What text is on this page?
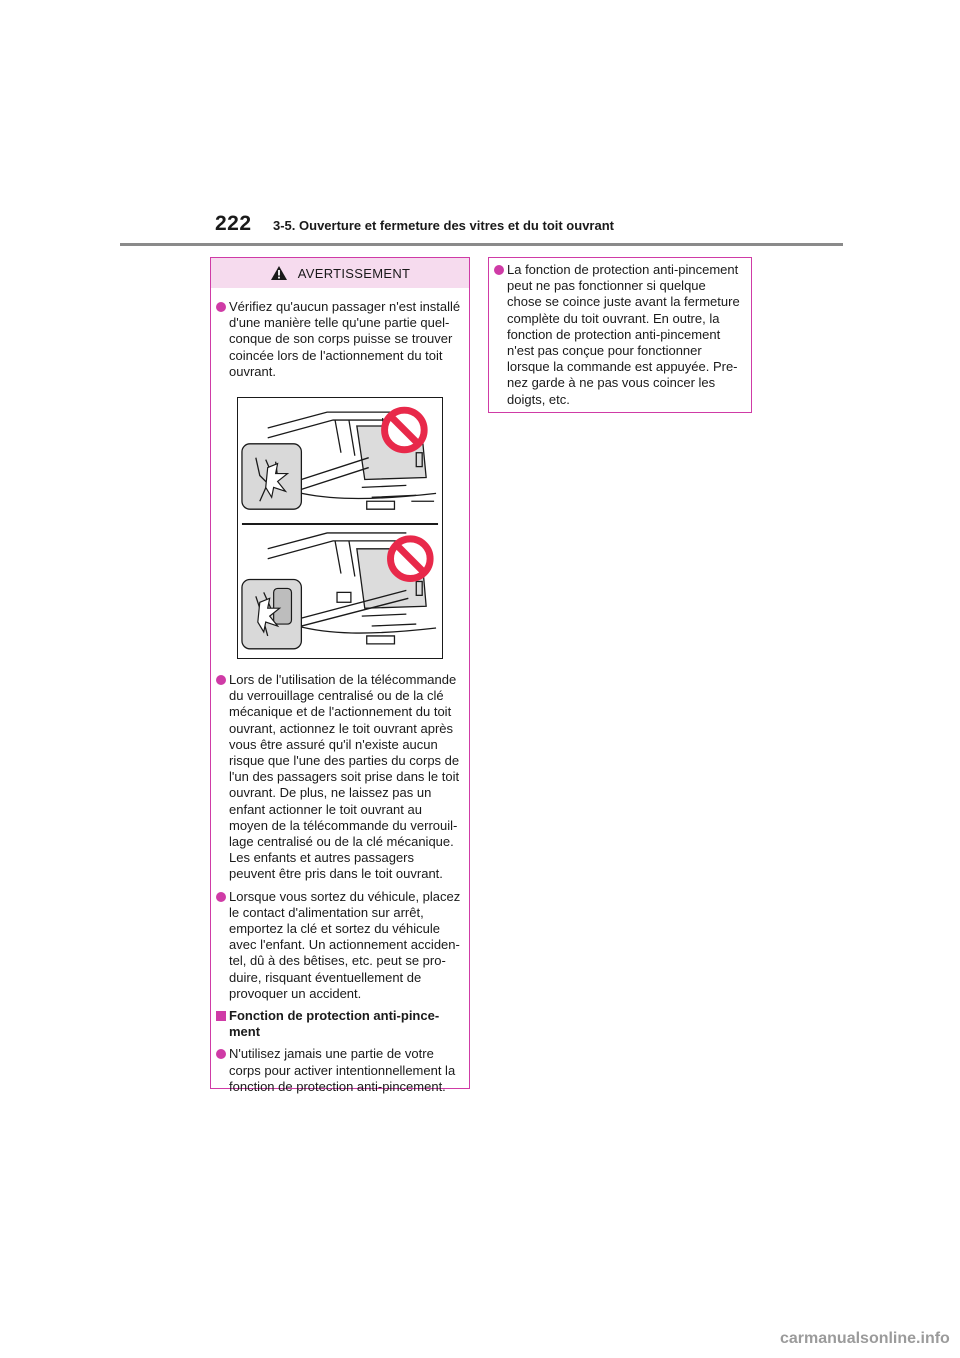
222 3-5. Ouverture et fermeture des vitres et du toit ouvrant
AVERTISSEMENT
Vérifiez qu'aucun passager n'est installé d'une manière telle qu'une partie quel-conque de son corps puisse se trouver coincée lors de l'actionnement du toit ouvrant.
Lors de l'utilisation de la télécommande du verrouillage centralisé ou de la clé mécanique et de l'actionnement du toit ouvrant, actionnez le toit ouvrant après vous être assuré qu'il n'existe aucun risque que l'une des parties du corps de l'un des passagers soit prise dans le toit ouvrant. De plus, ne laissez pas un enfant actionner le toit ouvrant au moyen de la télécommande du verrouil-lage centralisé ou de la clé mécanique. Les enfants et autres passagers peuvent être pris dans le toit ouvrant.
Lorsque vous sortez du véhicule, placez le contact d'alimentation sur arrêt, emportez la clé et sortez du véhicule avec l'enfant. Un actionnement acciden-tel, dû à des bêtises, etc. peut se pro-duire, risquant éventuellement de provoquer un accident.
Fonction de protection anti-pince-ment
N'utilisez jamais une partie de votre corps pour activer intentionnellement la fonction de protection anti-pincement.
La fonction de protection anti-pincement peut ne pas fonctionner si quelque chose se coince juste avant la fermeture complète du toit ouvrant. En outre, la fonction de protection anti-pincement n'est pas conçue pour fonctionner lorsque la commande est appuyée. Pre-nez garde à ne pas vous coincer les doigts, etc.
carmanualsonline.info
